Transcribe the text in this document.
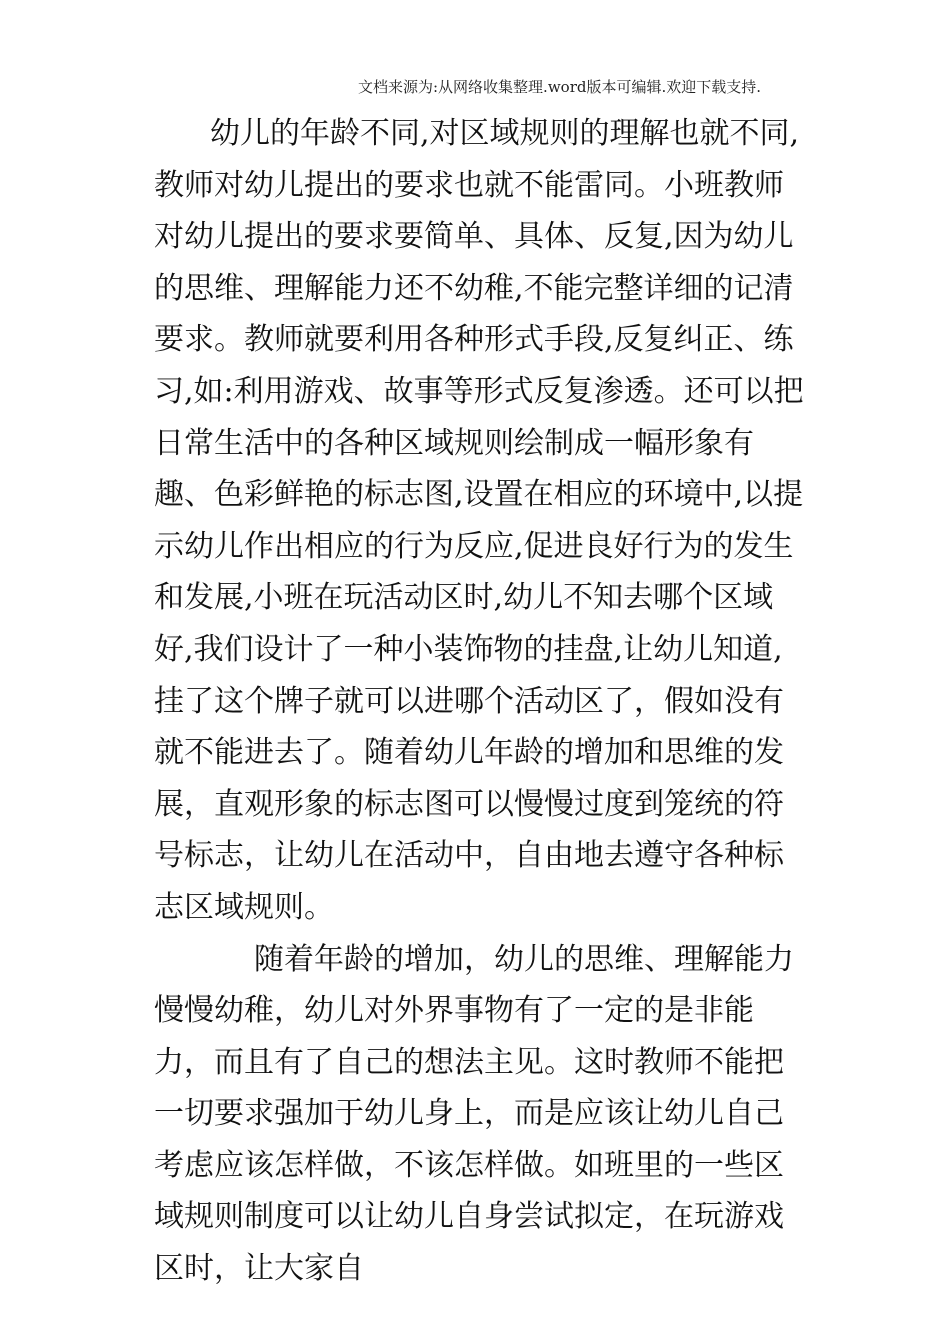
文档来源为:从网络收集整理.word版本可编辑.欢迎下载支持.

幼儿的年龄不同,对区域规则的理解也就不同,教师对幼儿提出的要求也就不能雷同。小班教师对幼儿提出的要求要简单、具体、反复,因为幼儿的思维、理解能力还不幼稚,不能完整详细的记清要求。教师就要利用各种形式手段,反复纠正、练习,如:利用游戏、故事等形式反复渗透。还可以把日常生活中的各种区域规则绘制成一幅形象有趣、色彩鲜艳的标志图,设置在相应的环境中,以提示幼儿作出相应的行为反应,促进良好行为的发生和发展,小班在玩活动区时,幼儿不知去哪个区域好,我们设计了一种小装饰物的挂盘,让幼儿知道,挂了这个牌子就可以进哪个活动区了，假如没有就不能进去了。随着幼儿年龄的增加和思维的发展，直观形象的标志图可以慢慢过度到笼统的符号标志，让幼儿在活动中，自由地去遵守各种标志区域规则。

随着年龄的增加，幼儿的思维、理解能力慢慢幼稚，幼儿对外界事物有了一定的是非能力，而且有了自己的想法主见。这时教师不能把一切要求强加于幼儿身上，而是应该让幼儿自己考虑应该怎样做，不该怎样做。如班里的一些区域规则制度可以让幼儿自身尝试拟定，在玩游戏区时，让大家自
